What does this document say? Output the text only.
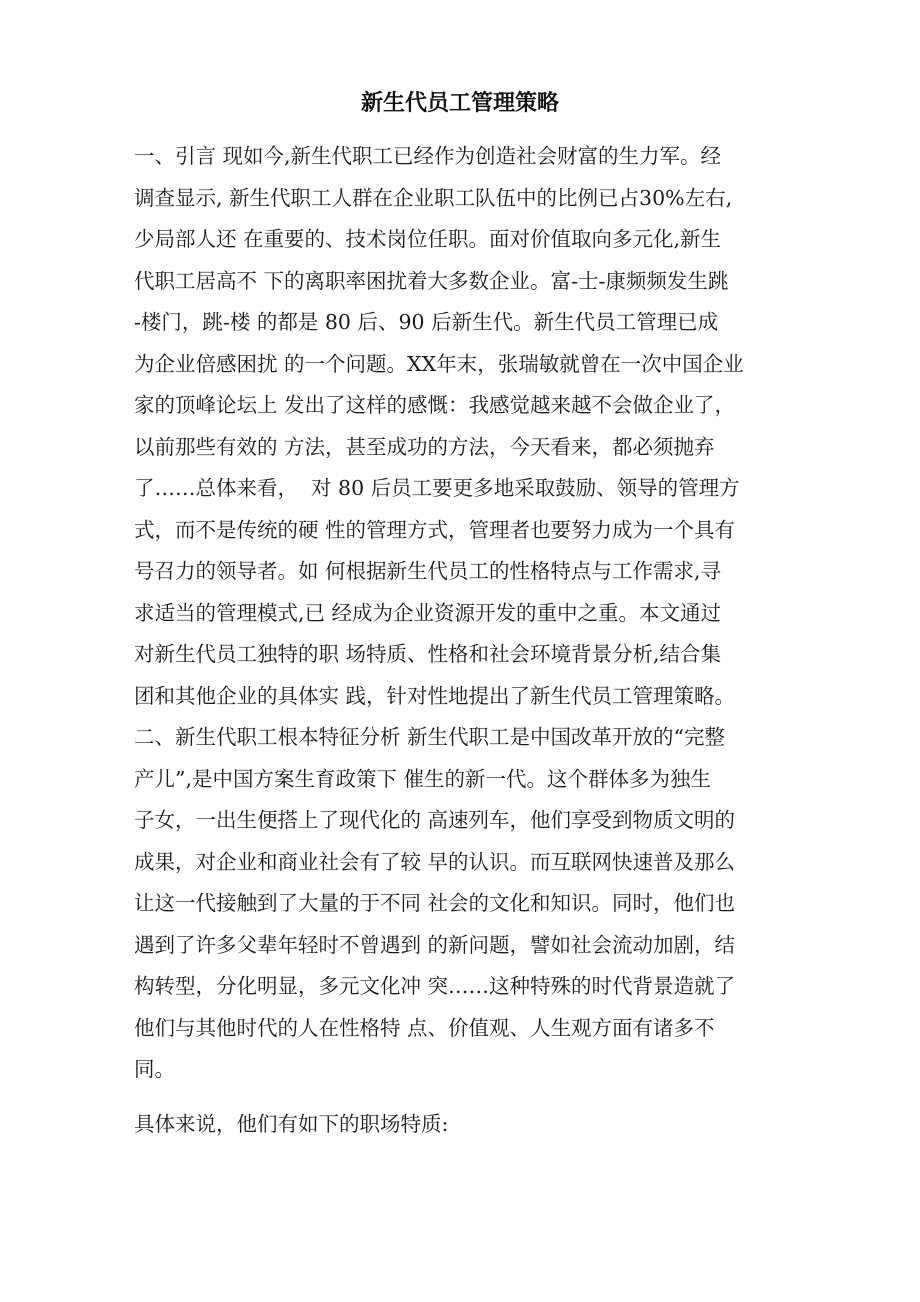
新生代员工管理策略
一、引言 现如今,新生代职工已经作为创造社会财富的生力军。经
调查显示, 新生代职工人群在企业职工队伍中的比例已占30%左右,
少局部人还 在重要的、技术岗位任职。面对价值取向多元化,新生
代职工居高不 下的离职率困扰着大多数企业。富-士-康频频发生跳
-楼门，跳-楼 的都是 80 后、90 后新生代。新生代员工管理已成
为企业倍感困扰 的一个问题。XX年末，张瑞敏就曾在一次中国企业
家的顶峰论坛上 发出了这样的感慨：我感觉越来越不会做企业了，
以前那些有效的 方法，甚至成功的方法，今天看来，都必须抛弃
了……总体来看，  对 80 后员工要更多地采取鼓励、领导的管理方
式，而不是传统的硬 性的管理方式，管理者也要努力成为一个具有
号召力的领导者。如 何根据新生代员工的性格特点与工作需求,寻
求适当的管理模式,已 经成为企业资源开发的重中之重。本文通过
对新生代员工独特的职 场特质、性格和社会环境背景分析,结合集
团和其他企业的具体实 践，针对性地提出了新生代员工管理策略。
二、新生代职工根本特征分析 新生代职工是中国改革开放的“完整
产儿”,是中国方案生育政策下 催生的新一代。这个群体多为独生
子女，一出生便搭上了现代化的 高速列车，他们享受到物质文明的
成果，对企业和商业社会有了较 早的认识。而互联网快速普及那么
让这一代接触到了大量的于不同 社会的文化和知识。同时，他们也
遇到了许多父辈年轻时不曾遇到 的新问题，譬如社会流动加剧，结
构转型，分化明显，多元文化冲 突……这种特殊的时代背景造就了
他们与其他时代的人在性格特 点、价值观、人生观方面有诸多不
同。
具体来说，他们有如下的职场特质:
